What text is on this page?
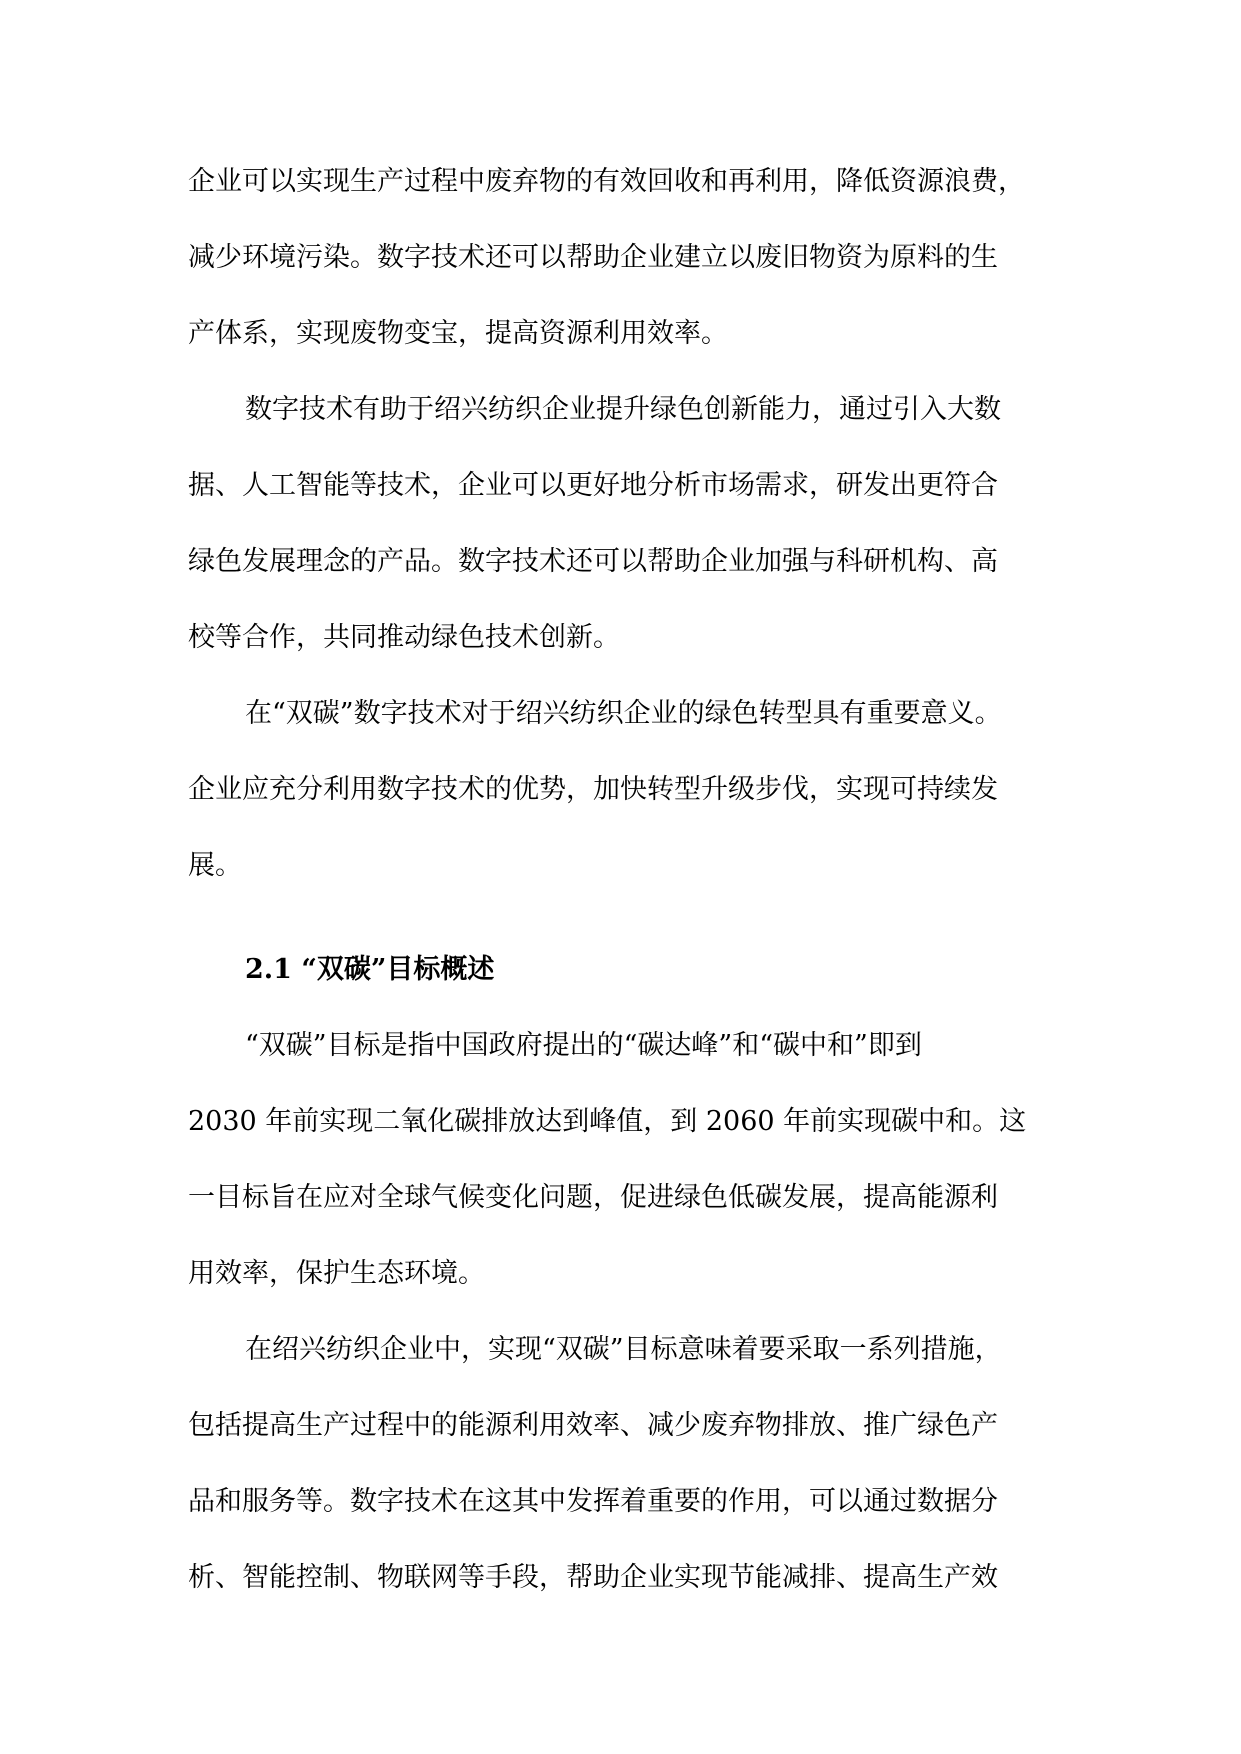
企业可以实现生产过程中废弃物的有效回收和再利用，降低资源浪费，
减少环境污染。数字技术还可以帮助企业建立以废旧物资为原料的生
产体系，实现废物变宝，提高资源利用效率。
数字技术有助于绍兴纺织企业提升绿色创新能力，通过引入大数
据、人工智能等技术，企业可以更好地分析市场需求，研发出更符合
绿色发展理念的产品。数字技术还可以帮助企业加强与科研机构、高
校等合作，共同推动绿色技术创新。
在“双碳”数字技术对于绍兴纺织企业的绿色转型具有重要意义。
企业应充分利用数字技术的优势，加快转型升级步伐，实现可持续发
展。
2.1 “双碳”目标概述
“双碳”目标是指中国政府提出的“碳达峰”和“碳中和”即到
2030 年前实现二氧化碳排放达到峰值，到 2060 年前实现碳中和。这
一目标旨在应对全球气候变化问题，促进绿色低碳发展，提高能源利
用效率，保护生态环境。
在绍兴纺织企业中，实现“双碳”目标意味着要采取一系列措施，
包括提高生产过程中的能源利用效率、减少废弃物排放、推广绿色产
品和服务等。数字技术在这其中发挥着重要的作用，可以通过数据分
析、智能控制、物联网等手段，帮助企业实现节能减排、提高生产效
